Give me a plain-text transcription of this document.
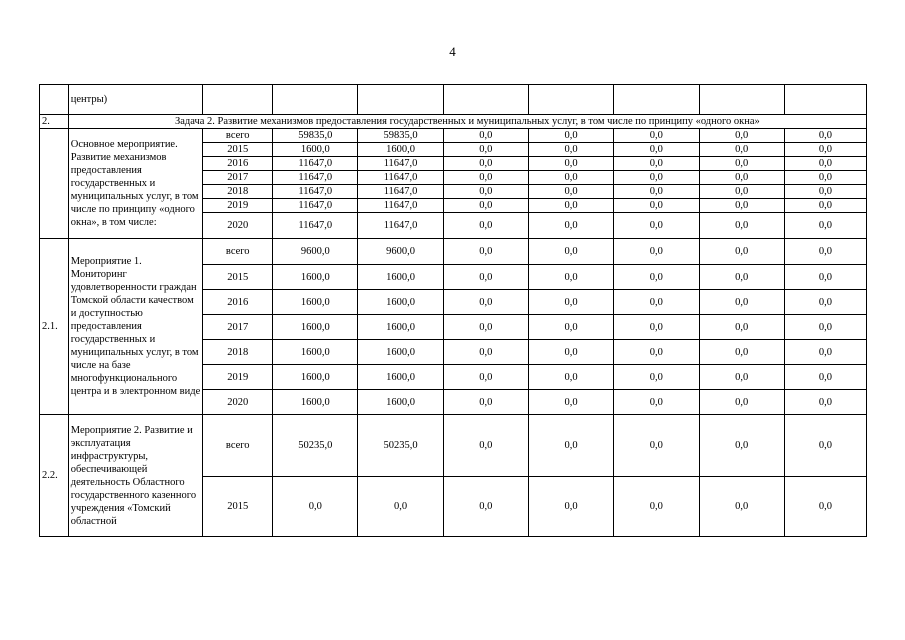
4
	центры)								
2.	Задача 2. Развитие механизмов предоставления государственных и муниципальных услуг, в том числе по принципу «одного окна»								
	Основное мероприятие. Развитие механизмов предоставления государственных и муниципальных услуг, в том числе по принципу «одного окна», в том числе:	всего	59835,0	59835,0	0,0	0,0	0,0	0,0	0,0
		2015	1600,0	1600,0	0,0	0,0	0,0	0,0	0,0
		2016	11647,0	11647,0	0,0	0,0	0,0	0,0	0,0
		2017	11647,0	11647,0	0,0	0,0	0,0	0,0	0,0
		2018	11647,0	11647,0	0,0	0,0	0,0	0,0	0,0
		2019	11647,0	11647,0	0,0	0,0	0,0	0,0	0,0
		2020	11647,0	11647,0	0,0	0,0	0,0	0,0	0,0
2.1.	Мероприятие 1. Мониторинг удовлетворенности граждан Томской области качеством и доступностью предоставления государственных и муниципальных услуг, в том числе на базе многофункционального центра и в электронном виде	всего	9600,0	9600,0	0,0	0,0	0,0	0,0	0,0
		2015	1600,0	1600,0	0,0	0,0	0,0	0,0	0,0
		2016	1600,0	1600,0	0,0	0,0	0,0	0,0	0,0
		2017	1600,0	1600,0	0,0	0,0	0,0	0,0	0,0
		2018	1600,0	1600,0	0,0	0,0	0,0	0,0	0,0
		2019	1600,0	1600,0	0,0	0,0	0,0	0,0	0,0
		2020	1600,0	1600,0	0,0	0,0	0,0	0,0	0,0
2.2.	Мероприятие 2. Развитие и эксплуатация инфраструктуры, обеспечивающей деятельность Областного государственного казенного учреждения «Томский областной	всего	50235,0	50235,0	0,0	0,0	0,0	0,0	0,0
		2015	0,0	0,0	0,0	0,0	0,0	0,0	0,0
